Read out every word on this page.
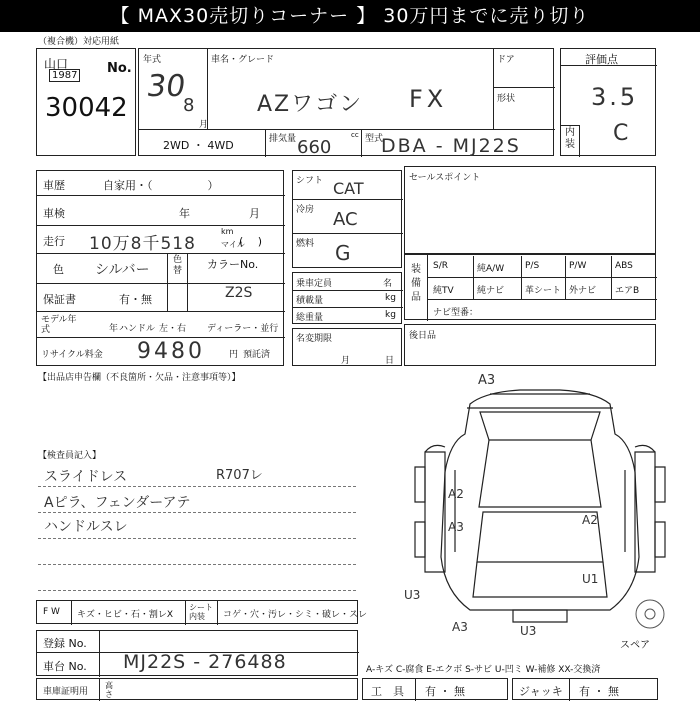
【 MAX30売切りコーナー 】 30万円までに売り切り
（複合機）対応用紙
山口	No.
1987
30042
年式
30
8
月
車名・グレード
AZワゴン FX
ドア
形状
2WD ・ 4WD	排気量	cc
660	型式
DBA - MJ22S
評価点
3.5
内装 C
車歴	自家用・（　　　　　）
車検	年	月
走行 10万8千518
km
マイル
(　 )
色 シルバー
色替 カラーNo.
Z2S
保証書	有・無
モデル年式	年 ハンドル 左・右 ディーラー・並行
リサイクル料金 9480	円 預託済
シフト CAT
冷房 AC
燃料 G
乗車定員	名
積載量	kg
総重量	kg
名変期限
月	日
セールスポイント
装備品
S/R	純A/W P/S	P/W	ABS
純TV	純ナビ 革シート 外ナビ エアB
ナビ型番：
後日品
【出品店申告欄（不良箇所・欠品・注意事項等）】
【検査員記入】
スライドレス
Aピラ、フェンダーアテ
ハンドルスレ
R707レ
A3
A2
A3	A2
U1
U3
A3	U3
スペア
F W キズ・ヒビ・石・割レX
シート内装	コゲ・穴・汚レ・シミ・破レ・スレ
登録 No.
車台 No. MJ22S - 276488	A-キズ C-腐食 E-エクボ S-サビ U-凹ミ W-補修 XX-交換済
車庫証明用
高さ	工　具 有 ・ 無	ジャッキ 有 ・ 無
